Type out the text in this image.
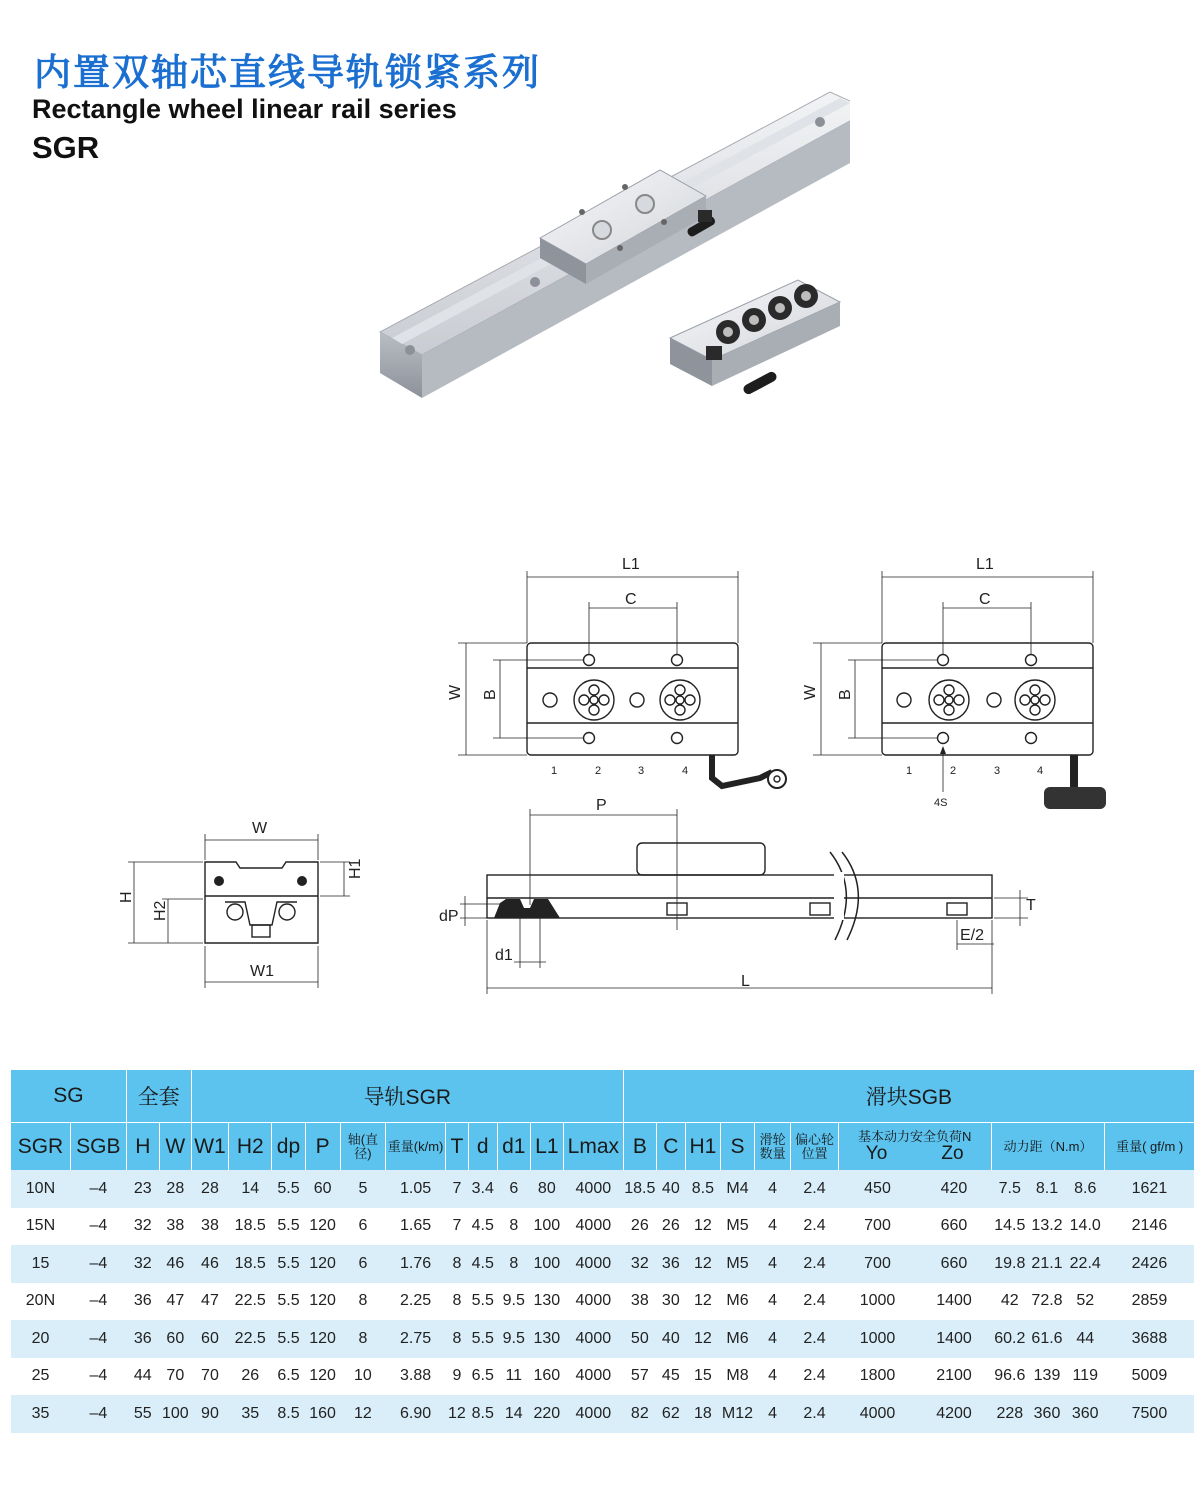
内置双轴芯直线导轨锁紧系列
Rectangle wheel linear rail series
SGR
L1
C
W B
1	2	3	4
L1
C
W B
1	2	3	4
4S
W
W1
H
H2
H1
P
dP
d1
L
T
E/2
SG		全套		导轨SGR											滑块SGB											
SGR	SGB	H	W	W1	H2	dp	P	轴(直径)	重量(k/m)	T	d	d1	L1	Lmax	B	C	H1	S	滑轮数量	偏心轮位置	基本动力安全负荷N
Yo Zo		动力距（N.m）			重量( gf/m )
10N	–4	23	28	28	14	5.5	60	5	1.05	7	3.4	6	80	4000	18.5	40	8.5	M4	4	2.4	450	420	7.5	8.1	8.6	1621
15N	–4	32	38	38	18.5	5.5	120	6	1.65	7	4.5	8	100	4000	26	26	12	M5	4	2.4	700	660	14.5	13.2	14.0	2146
15	–4	32	46	46	18.5	5.5	120	6	1.76	8	4.5	8	100	4000	32	36	12	M5	4	2.4	700	660	19.8	21.1	22.4	2426
20N	–4	36	47	47	22.5	5.5	120	8	2.25	8	5.5	9.5	130	4000	38	30	12	M6	4	2.4	1000	1400	42	72.8	52	2859
20	–4	36	60	60	22.5	5.5	120	8	2.75	8	5.5	9.5	130	4000	50	40	12	M6	4	2.4	1000	1400	60.2	61.6	44	3688
25	–4	44	70	70	26	6.5	120	10	3.88	9	6.5	11	160	4000	57	45	15	M8	4	2.4	1800	2100	96.6	139	119	5009
35	–4	55	100	90	35	8.5	160	12	6.90	12	8.5	14	220	4000	82	62	18	M12	4	2.4	4000	4200	228	360	360	7500
